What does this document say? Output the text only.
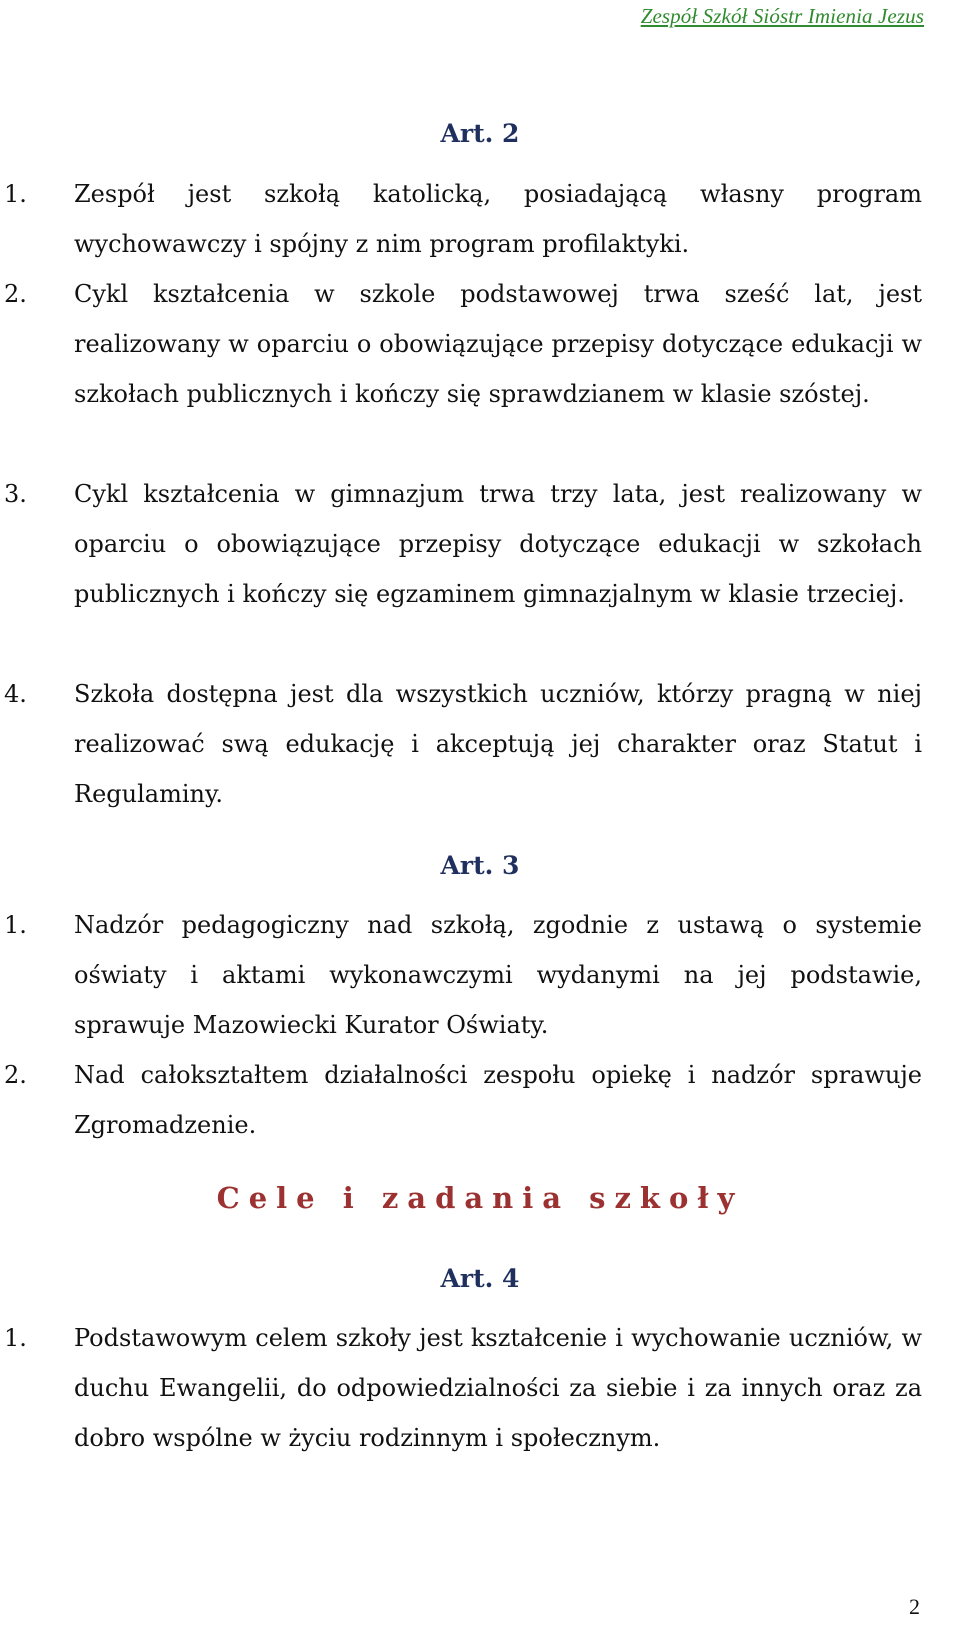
Zespół Szkół Sióstr Imienia Jezus
Art. 2
1. Zespół jest szkołą katolicką, posiadającą własny program wychowawczy i spójny z nim program profilaktyki.
2. Cykl kształcenia w szkole podstawowej trwa sześć lat, jest realizowany w oparciu o obowiązujące przepisy dotyczące edukacji w szkołach publicznych i kończy się sprawdzianem w klasie szóstej.
3. Cykl kształcenia w gimnazjum trwa trzy lata, jest realizowany w oparciu o obowiązujące przepisy dotyczące edukacji w szkołach publicznych i kończy się egzaminem gimnazjalnym w klasie trzeciej.
4. Szkoła dostępna jest dla wszystkich uczniów, którzy pragną w niej realizować swą edukację i akceptują jej charakter oraz Statut i Regulaminy.
Art. 3
1. Nadzór pedagogiczny nad szkołą, zgodnie z ustawą o systemie oświaty i aktami wykonawczymi wydanymi na jej podstawie, sprawuje Mazowiecki Kurator Oświaty.
2. Nad całokształtem działalności zespołu opiekę i nadzór sprawuje Zgromadzenie.
Cele i zadania szkoły
Art. 4
1. Podstawowym celem szkoły jest kształcenie i wychowanie uczniów, w duchu Ewangelii, do odpowiedzialności za siebie i za innych oraz za dobro wspólne w życiu rodzinnym i społecznym.
2
